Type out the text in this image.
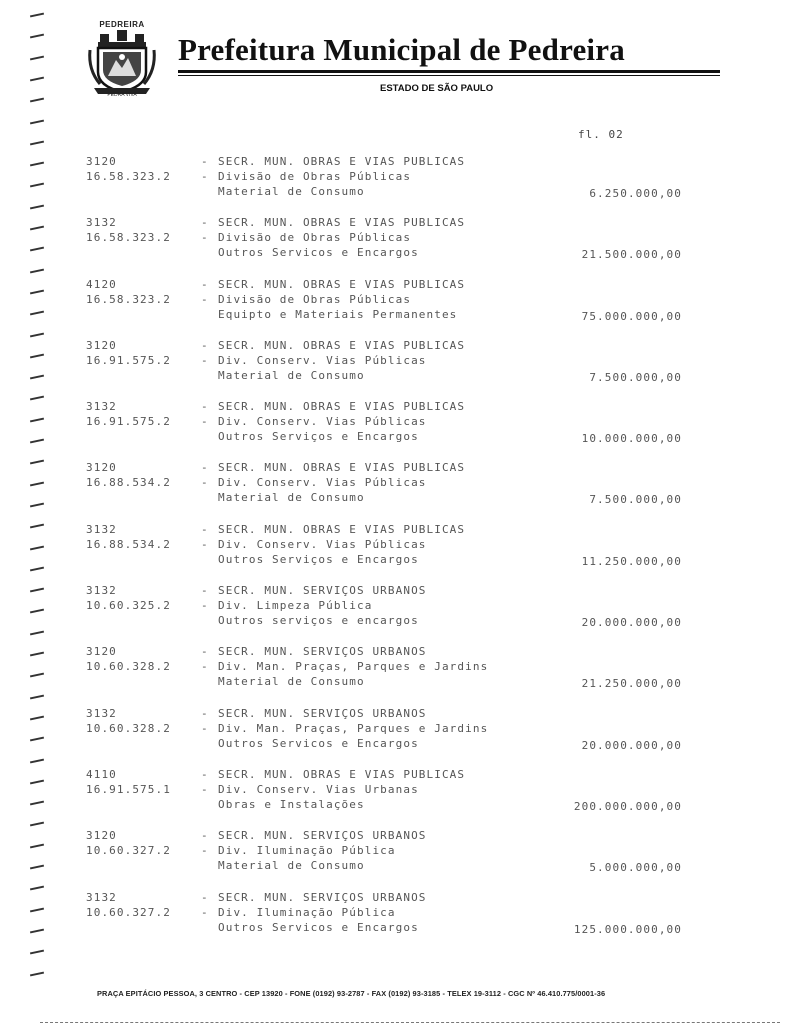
PEDREIRA
PEDRA VIVA
Prefeitura Municipal de Pedreira
ESTADO DE SÃO PAULO
fl. 02
3120	- SECR. MUN. OBRAS E VIAS PUBLICAS
16.58.323.2	- Divisão de Obras Públicas
Material de Consumo	6.250.000,00
3132	- SECR. MUN. OBRAS E VIAS PUBLICAS
16.58.323.2	- Divisão de Obras Públicas
Outros Servicos e Encargos	21.500.000,00
4120	- SECR. MUN. OBRAS E VIAS PUBLICAS
16.58.323.2	- Divisão de Obras Públicas
Equipto e Materiais Permanentes	75.000.000,00
3120	- SECR. MUN. OBRAS E VIAS PUBLICAS
16.91.575.2	- Div. Conserv. Vias Públicas
Material de Consumo	7.500.000,00
3132	- SECR. MUN. OBRAS E VIAS PUBLICAS
16.91.575.2	- Div. Conserv. Vias Públicas
Outros Serviços e Encargos	10.000.000,00
3120	- SECR. MUN. OBRAS E VIAS PUBLICAS
16.88.534.2	- Div. Conserv. Vias Públicas
Material de Consumo	7.500.000,00
3132	- SECR. MUN. OBRAS E VIAS PUBLICAS
16.88.534.2	- Div. Conserv. Vias Públicas
Outros Serviços e Encargos	11.250.000,00
3132	- SECR. MUN. SERVIÇOS URBANOS
10.60.325.2	- Div. Limpeza Pública
Outros serviços e encargos	20.000.000,00
3120	- SECR. MUN. SERVIÇOS URBANOS
10.60.328.2	- Div. Man. Praças, Parques e Jardins
Material de Consumo	21.250.000,00
3132	- SECR. MUN. SERVIÇOS URBANOS
10.60.328.2	- Div. Man. Praças, Parques e Jardins
Outros Servicos e Encargos	20.000.000,00
4110	- SECR. MUN. OBRAS E VIAS PUBLICAS
16.91.575.1	- Div. Conserv. Vias Urbanas
Obras e Instalações	200.000.000,00
3120	- SECR. MUN. SERVIÇOS URBANOS
10.60.327.2	- Div. Iluminação Pública
Material de Consumo	5.000.000,00
3132	- SECR. MUN. SERVIÇOS URBANOS
10.60.327.2	- Div. Iluminação Pública
Outros Servicos e Encargos	125.000.000,00
PRAÇA EPITÁCIO PESSOA, 3 CENTRO - CEP 13920 - FONE (0192) 93-2787 - FAX (0192) 93-3185 - TELEX 19-3112 - CGC Nº 46.410.775/0001-36
